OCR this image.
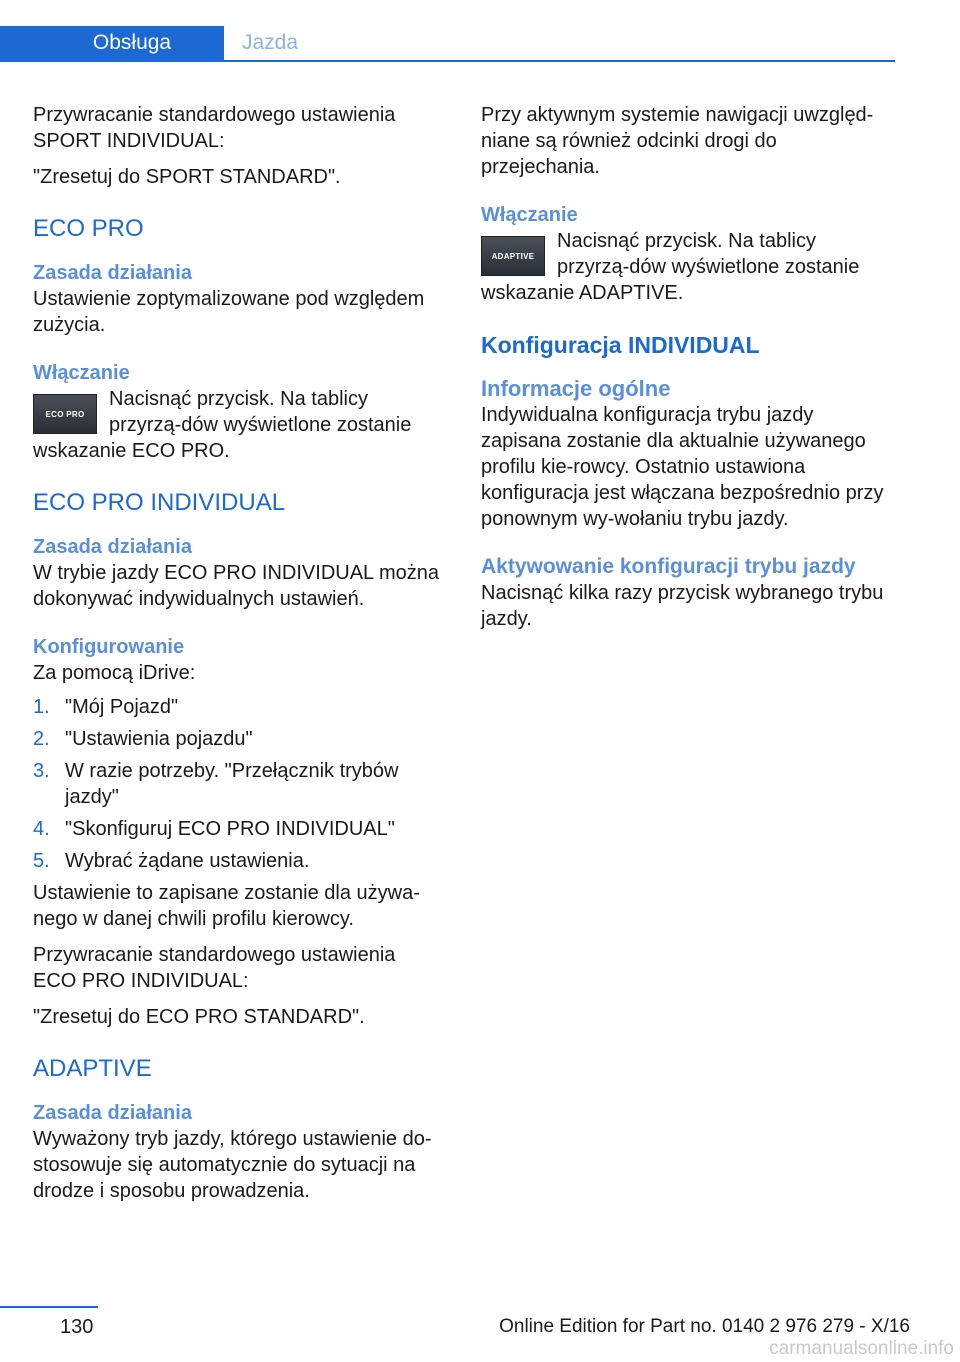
Obsługa	Jazda

Przywracanie standardowego ustawienia SPORT INDIVIDUAL:

"Zresetuj do SPORT STANDARD".

ECO PRO
Zasada działania

Ustawienie zoptymalizowane pod względem zużycia.

Włączanie
ECO PRO

Nacisnąć przycisk. Na tablicy przyrzą‐dów wyświetlone zostanie wskazanie ECO PRO.

ECO PRO INDIVIDUAL
Zasada działania

W trybie jazdy ECO PRO INDIVIDUAL można dokonywać indywidualnych ustawień.

Konfigurowanie

Za pomocą iDrive:

1. "Mój Pojazd"
2. "Ustawienia pojazdu"
3. W razie potrzeby. "Przełącznik trybów jazdy"
4. "Skonfiguruj ECO PRO INDIVIDUAL"
5. Wybrać żądane ustawienia.

Ustawienie to zapisane zostanie dla używa‐nego w danej chwili profilu kierowcy.

Przywracanie standardowego ustawienia ECO PRO INDIVIDUAL:

"Zresetuj do ECO PRO STANDARD".

ADAPTIVE
Zasada działania

Wyważony tryb jazdy, którego ustawienie do‐stosowuje się automatycznie do sytuacji na drodze i sposobu prowadzenia.

Przy aktywnym systemie nawigacji uwzględ‐niane są również odcinki drogi do przejechania.

Włączanie
ADAPTIVE

Nacisnąć przycisk. Na tablicy przyrzą‐dów wyświetlone zostanie wskazanie ADAPTIVE.

Konfiguracja INDIVIDUAL
Informacje ogólne

Indywidualna konfiguracja trybu jazdy zapisana zostanie dla aktualnie używanego profilu kie‐rowcy. Ostatnio ustawiona konfiguracja jest włączana bezpośrednio przy ponownym wy‐wołaniu trybu jazdy.

Aktywowanie konfiguracji trybu jazdy

Nacisnąć kilka razy przycisk wybranego trybu jazdy.

130	Online Edition for Part no. 0140 2 976 279 - X/16
carmanualsonline.info
